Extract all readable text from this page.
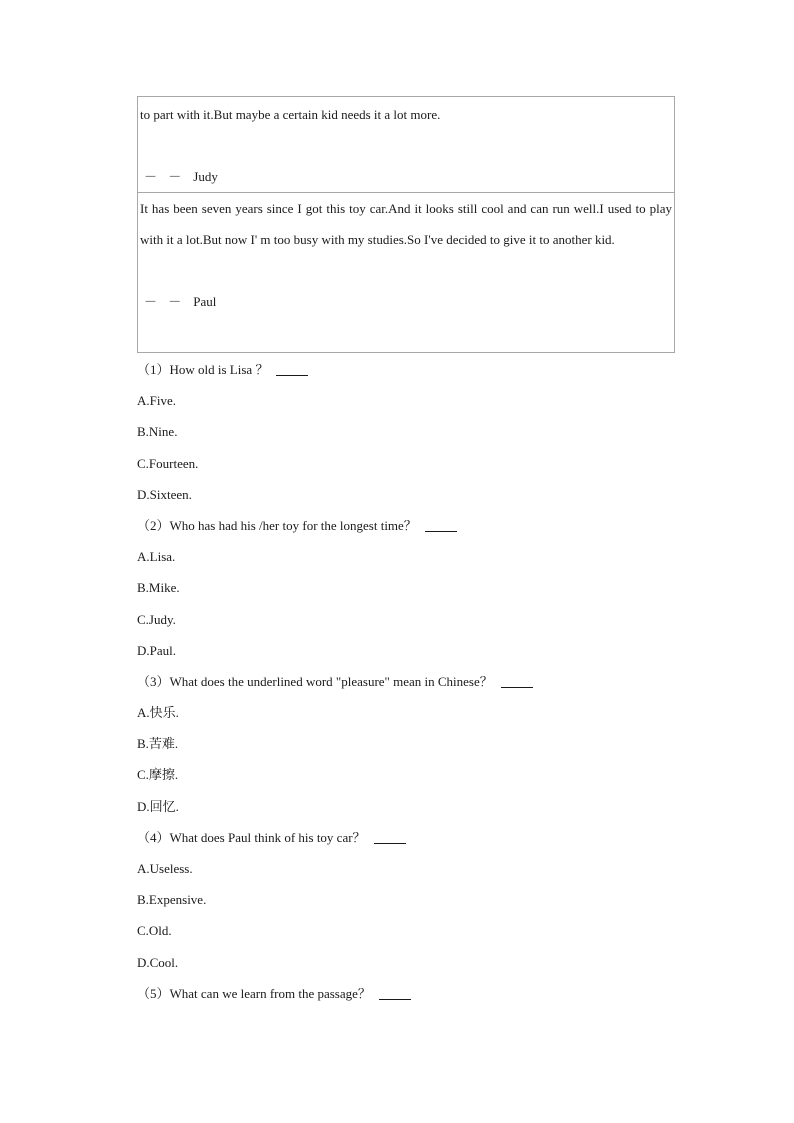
to part with it.But maybe a certain kid needs it a lot more.

－ － Judy

It has been seven years since I got this toy car.And it looks still cool and can run well.I used to play with it a lot.But now I' m too busy with my studies.So I've decided to give it to another kid.

－ － Paul

（1）How old is Lisa ？
A.Five.
B.Nine.
C.Fourteen.
D.Sixteen.
（2）Who has had his /her toy for the longest time？
A.Lisa.
B.Mike.
C.Judy.
D.Paul.
（3）What does the underlined word "pleasure" mean in Chinese？
A.快乐.
B.苦难.
C.摩擦.
D.回忆.
（4）What does Paul think of his toy car？
A.Useless.
B.Expensive.
C.Old.
D.Cool.
（5）What can we learn from the passage？
